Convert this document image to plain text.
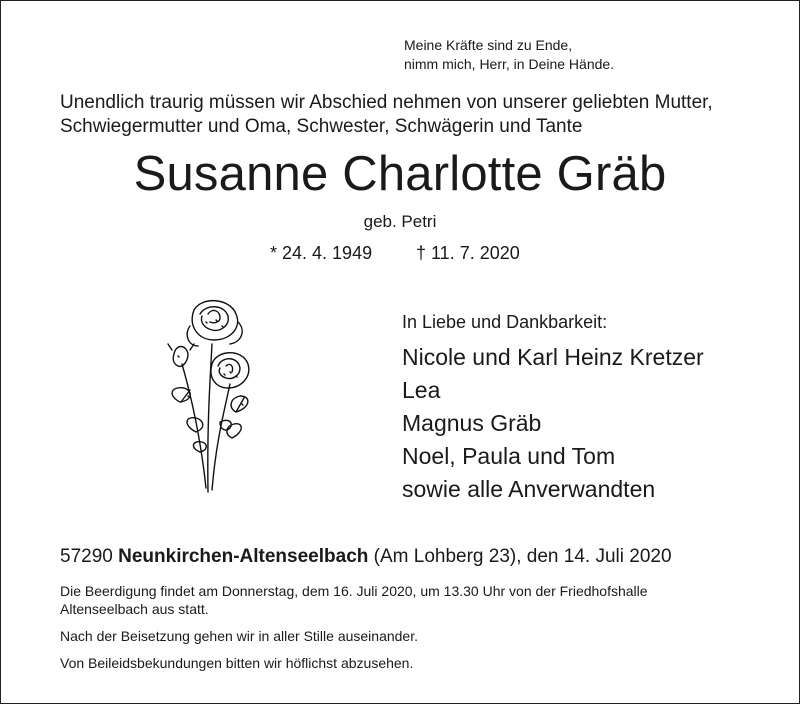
Meine Kräfte sind zu Ende,
nimm mich, Herr, in Deine Hände.
Unendlich traurig müssen wir Abschied nehmen von unserer geliebten Mutter,
Schwiegermutter und Oma, Schwester, Schwägerin und Tante
Susanne Charlotte Gräb
geb. Petri
* 24. 4. 1949 † 11. 7. 2020
In Liebe und Dankbarkeit:
Nicole und Karl Heinz Kretzer
Lea
Magnus Gräb
Noel, Paula und Tom
sowie alle Anverwandten
57290 Neunkirchen-Altenseelbach (Am Lohberg 23), den 14. Juli 2020
Die Beerdigung findet am Donnerstag, dem 16. Juli 2020, um 13.30 Uhr von der Friedhofshalle
Altenseelbach aus statt.
Nach der Beisetzung gehen wir in aller Stille auseinander.
Von Beileidsbekundungen bitten wir höflichst abzusehen.
